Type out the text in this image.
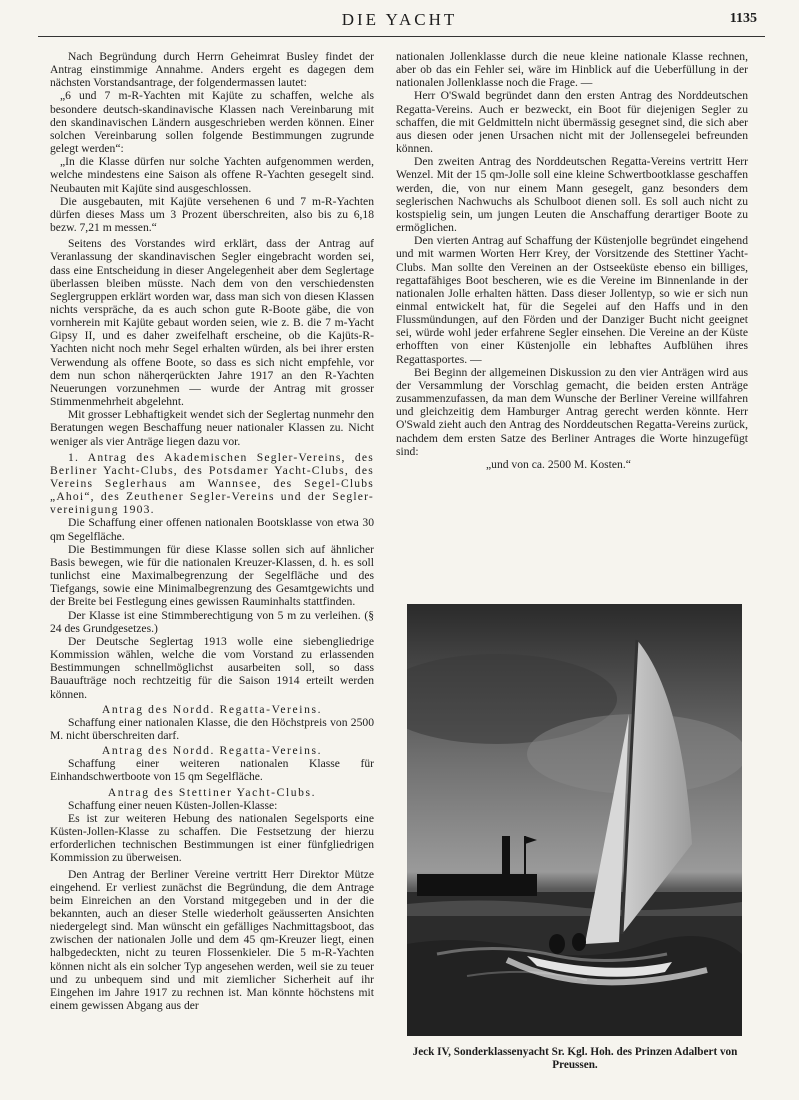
DIE YACHT	1135

Nach Begründung durch Herrn Geheimrat Busley findet der Antrag einstimmige Annahme. Anders ergeht es dagegen dem nächsten Vorstandsantrage, der folgendermassen lautet:

„6 und 7 m-R-Yachten mit Kajüte zu schaffen, welche als besondere deutsch-skandinavische Klassen nach Vereinbarung mit den skandinavischen Ländern ausgeschrieben werden können. Einer solchen Vereinbarung sollen folgende Bestimmungen zugrunde gelegt werden“:

„In die Klasse dürfen nur solche Yachten aufgenommen werden, welche mindestens eine Saison als offene R-Yachten gesegelt sind. Neubauten mit Kajüte sind ausgeschlossen.

Die ausgebauten, mit Kajüte versehenen 6 und 7 m-R-Yachten dürfen dieses Mass um 3 Prozent überschreiten, also bis zu 6,18 bezw. 7,21 m messen.“

Seitens des Vorstandes wird erklärt, dass der Antrag auf Veranlassung der skandinavischen Segler eingebracht worden sei, dass eine Entscheidung in dieser Angelegenheit aber dem Seglertage überlassen bleiben müsste. Nach dem von den verschiedensten Seglergruppen erklärt worden war, dass man sich von diesen Klassen nichts verspräche, da es auch schon gute R-Boote gäbe, die von vornherein mit Kajüte gebaut worden seien, wie z. B. die 7 m-Yacht Gipsy II, und es daher zweifelhaft erscheine, ob die Kajüts-R-Yachten nicht noch mehr Segel erhalten würden, als bei ihrer ersten Verwendung als offene Boote, so dass es sich nicht empfehle, vor dem nun schon näherqerückten Jahre 1917 an den R-Yachten Neuerungen vorzunehmen — wurde der Antrag mit grosser Stimmenmehrheit abgelehnt.

Mit grosser Lebhaftigkeit wendet sich der Seglertag nunmehr den Beratungen wegen Beschaffung neuer nationaler Klassen zu. Nicht weniger als vier Anträge liegen dazu vor.

1. Antrag des Akademischen Segler-Vereins, des Berliner Yacht-Clubs, des Potsdamer Yacht-Clubs, des Vereins Seglerhaus am Wannsee, des Segel-Clubs „Ahoi“, des Zeuthener Segler-Vereins und der Segler-vereinigung 1903.

Die Schaffung einer offenen nationalen Bootsklasse von etwa 30 qm Segelfläche.

Die Bestimmungen für diese Klasse sollen sich auf ähnlicher Basis bewegen, wie für die nationalen Kreuzer-Klassen, d. h. es soll tunlichst eine Maximalbegrenzung der Segelfläche und des Tiefgangs, sowie eine Minimalbegrenzung des Gesamtgewichts und der Breite bei Festlegung eines gewissen Rauminhalts stattfinden.

Der Klasse ist eine Stimmberechtigung von 5 m zu verleihen. (§ 24 des Grundgesetzes.)

Der Deutsche Seglertag 1913 wolle eine siebengliedrige Kommission wählen, welche die vom Vorstand zu erlassenden Bestimmungen schnellmöglichst ausarbeiten soll, so dass Bauaufträge noch rechtzeitig für die Saison 1914 erteilt werden können.

Antrag des Nordd. Regatta-Vereins.

Schaffung einer nationalen Klasse, die den Höchstpreis von 2500 M. nicht überschreiten darf.

Antrag des Nordd. Regatta-Vereins.

Schaffung einer weiteren nationalen Klasse für Einhandschwertboote von 15 qm Segelfläche.

Antrag des Stettiner Yacht-Clubs.

Schaffung einer neuen Küsten-Jollen-Klasse:

Es ist zur weiteren Hebung des nationalen Segelsports eine Küsten-Jollen-Klasse zu schaffen. Die Festsetzung der hierzu erforderlichen technischen Bestimmungen ist einer fünfgliedrigen Kommission zu überweisen.

Den Antrag der Berliner Vereine vertritt Herr Direktor Mütze eingehend. Er verliest zunächst die Begründung, die dem Antrage beim Einreichen an den Vorstand mitgegeben und in der die bekannten, auch an dieser Stelle wiederholt geäusserten Ansichten niedergelegt sind. Man wünscht ein gefälliges Nachmittagsboot, das zwischen der nationalen Jolle und dem 45 qm-Kreuzer liegt, einen halbgedeckten, nicht zu teuren Flossenkieler. Die 5 m-R-Yachten können nicht als ein solcher Typ angesehen werden, weil sie zu teuer und zu unbequem sind und mit ziemlicher Sicherheit auf ihr Eingehen im Jahre 1917 zu rechnen ist. Man könnte höchstens mit einem gewissen Abgang aus der

nationalen Jollenklasse durch die neue kleine nationale Klasse rechnen, aber ob das ein Fehler sei, wäre im Hinblick auf die Ueberfüllung in der nationalen Jollenklasse noch die Frage. —

Herr O'Swald begründet dann den ersten Antrag des Norddeutschen Regatta-Vereins. Auch er bezweckt, ein Boot für diejenigen Segler zu schaffen, die mit Geldmitteln nicht übermässig gesegnet sind, die sich aber aus diesen oder jenen Ursachen nicht mit der Jollensegelei befreunden können.

Den zweiten Antrag des Norddeutschen Regatta-Vereins vertritt Herr Wenzel. Mit der 15 qm-Jolle soll eine kleine Schwertbootklasse geschaffen werden, die, von nur einem Mann gesegelt, ganz besonders dem seglerischen Nachwuchs als Schulboot dienen soll. Es soll auch nicht zu kostspielig sein, um jungen Leuten die Anschaffung derartiger Boote zu ermöglichen.

Den vierten Antrag auf Schaffung der Küstenjolle begründet eingehend und mit warmen Worten Herr Krey, der Vorsitzende des Stettiner Yacht-Clubs. Man sollte den Vereinen an der Ostseeküste ebenso ein billiges, regattafähiges Boot bescheren, wie es die Vereine im Binnenlande in der nationalen Jolle erhalten hätten. Dass dieser Jollentyp, so wie er sich nun einmal entwickelt hat, für die Segelei auf den Haffs und in den Flussmündungen, auf den Förden und der Danziger Bucht nicht geeignet sei, würde wohl jeder erfahrene Segler einsehen. Die Vereine an der Küste erhofften von einer Küstenjolle ein lebhaftes Aufblühen ihres Regattasportes. —

Bei Beginn der allgemeinen Diskussion zu den vier Anträgen wird aus der Versammlung der Vorschlag gemacht, die beiden ersten Anträge zusammenzufassen, da man dem Wunsche der Berliner Vereine willfahren und gleichzeitig dem Hamburger Antrag gerecht werden könnte. Herr O'Swald zieht auch den Antrag des Norddeutschen Regatta-Vereins zurück, nachdem dem ersten Satze des Berliner Antrages die Worte hinzugefügt sind:

„und von ca. 2500 M. Kosten.“

Jeck IV, Sonderklassenyacht Sr. Kgl. Hoh. des Prinzen Adalbert von Preussen.
